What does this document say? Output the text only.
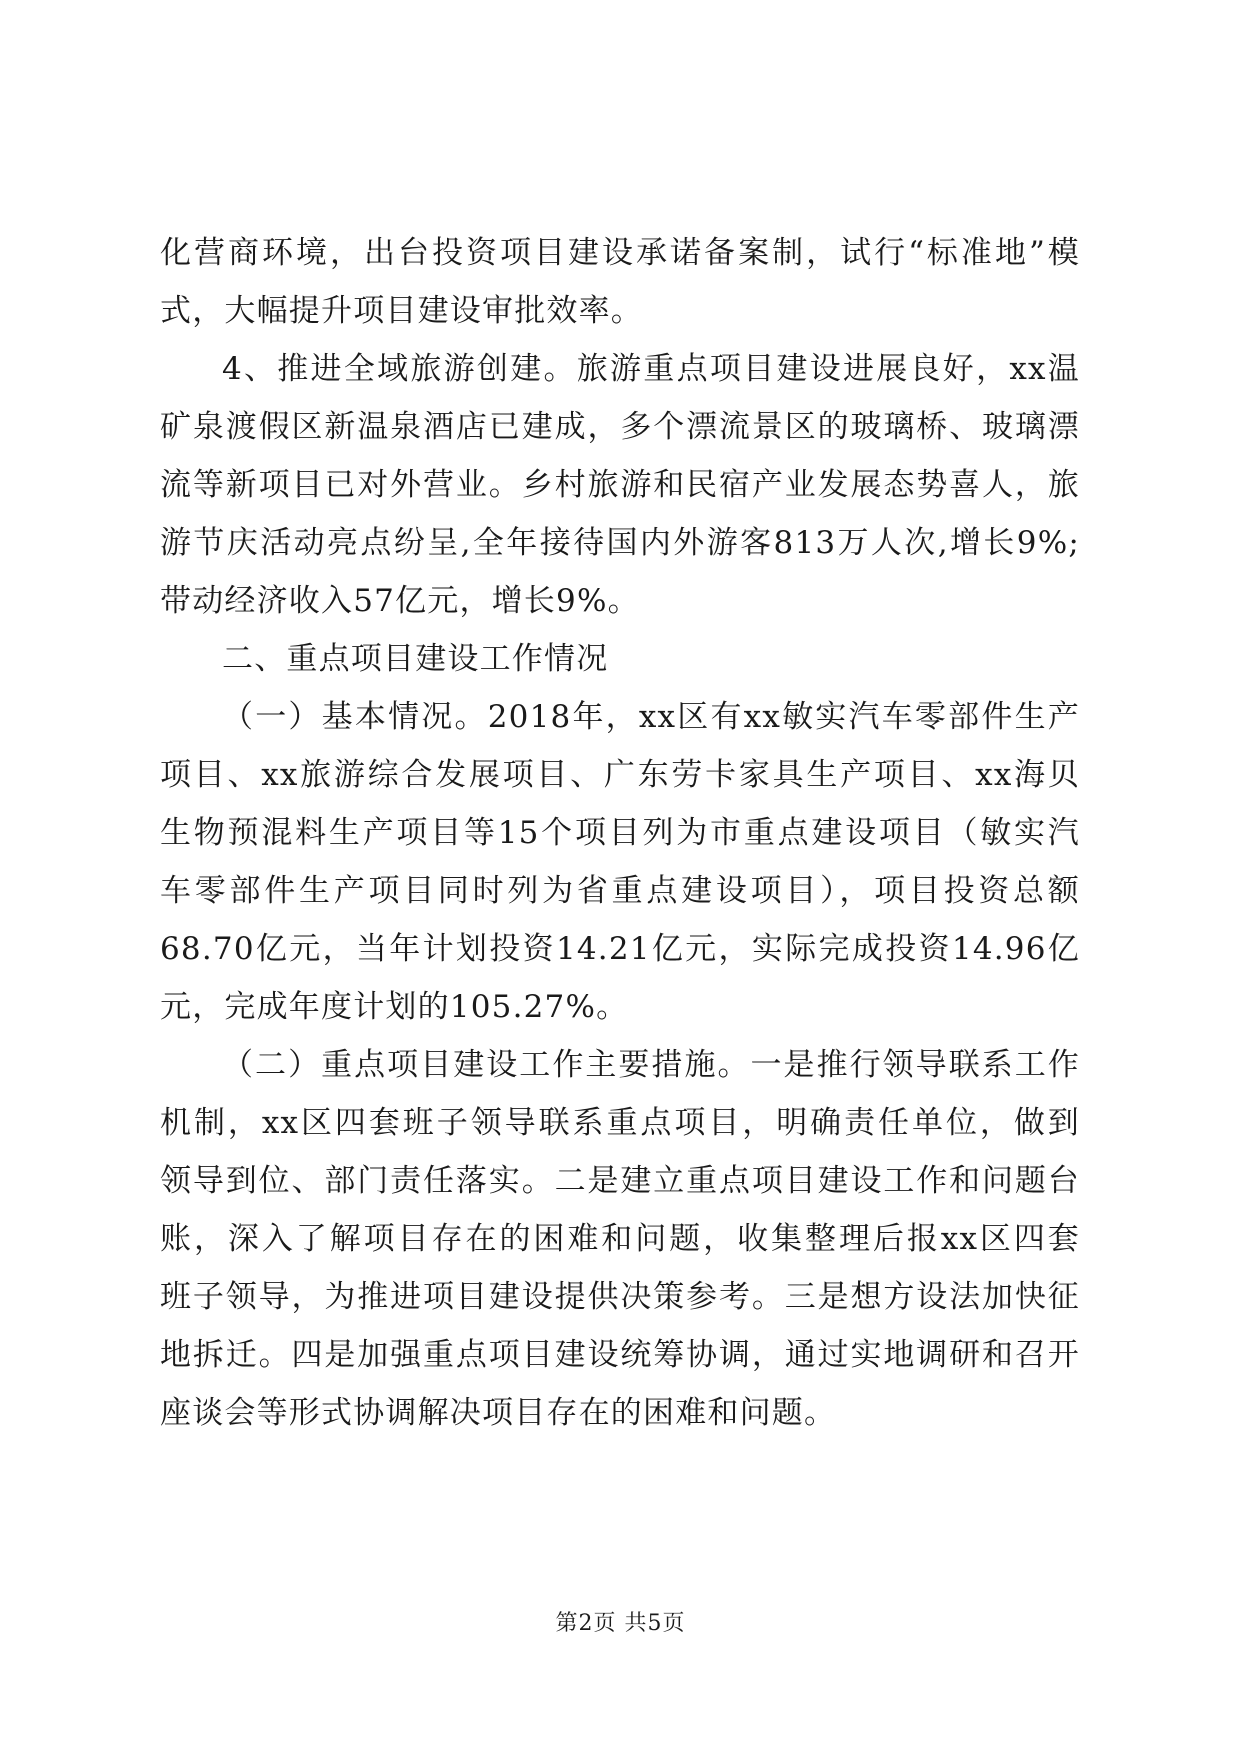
化营商环境，出台投资项目建设承诺备案制，试行“标准地”模
式，大幅提升项目建设审批效率。

4、推进全域旅游创建。旅游重点项目建设进展良好，xx温
矿泉渡假区新温泉酒店已建成，多个漂流景区的玻璃桥、玻璃漂
流等新项目已对外营业。乡村旅游和民宿产业发展态势喜人，旅
游节庆活动亮点纷呈,全年接待国内外游客813万人次,增长9%;
带动经济收入57亿元，增长9%。

二、重点项目建设工作情况

（一）基本情况。2018年，xx区有xx敏实汽车零部件生产
项目、xx旅游综合发展项目、广东劳卡家具生产项目、xx海贝
生物预混料生产项目等15个项目列为市重点建设项目（敏实汽
车零部件生产项目同时列为省重点建设项目），项目投资总额
68.70亿元，当年计划投资14.21亿元，实际完成投资14.96亿
元，完成年度计划的105.27%。

（二）重点项目建设工作主要措施。一是推行领导联系工作
机制，xx区四套班子领导联系重点项目，明确责任单位，做到
领导到位、部门责任落实。二是建立重点项目建设工作和问题台
账，深入了解项目存在的困难和问题，收集整理后报xx区四套
班子领导，为推进项目建设提供决策参考。三是想方设法加快征
地拆迁。四是加强重点项目建设统筹协调，通过实地调研和召开
座谈会等形式协调解决项目存在的困难和问题。

第2页 共5页
